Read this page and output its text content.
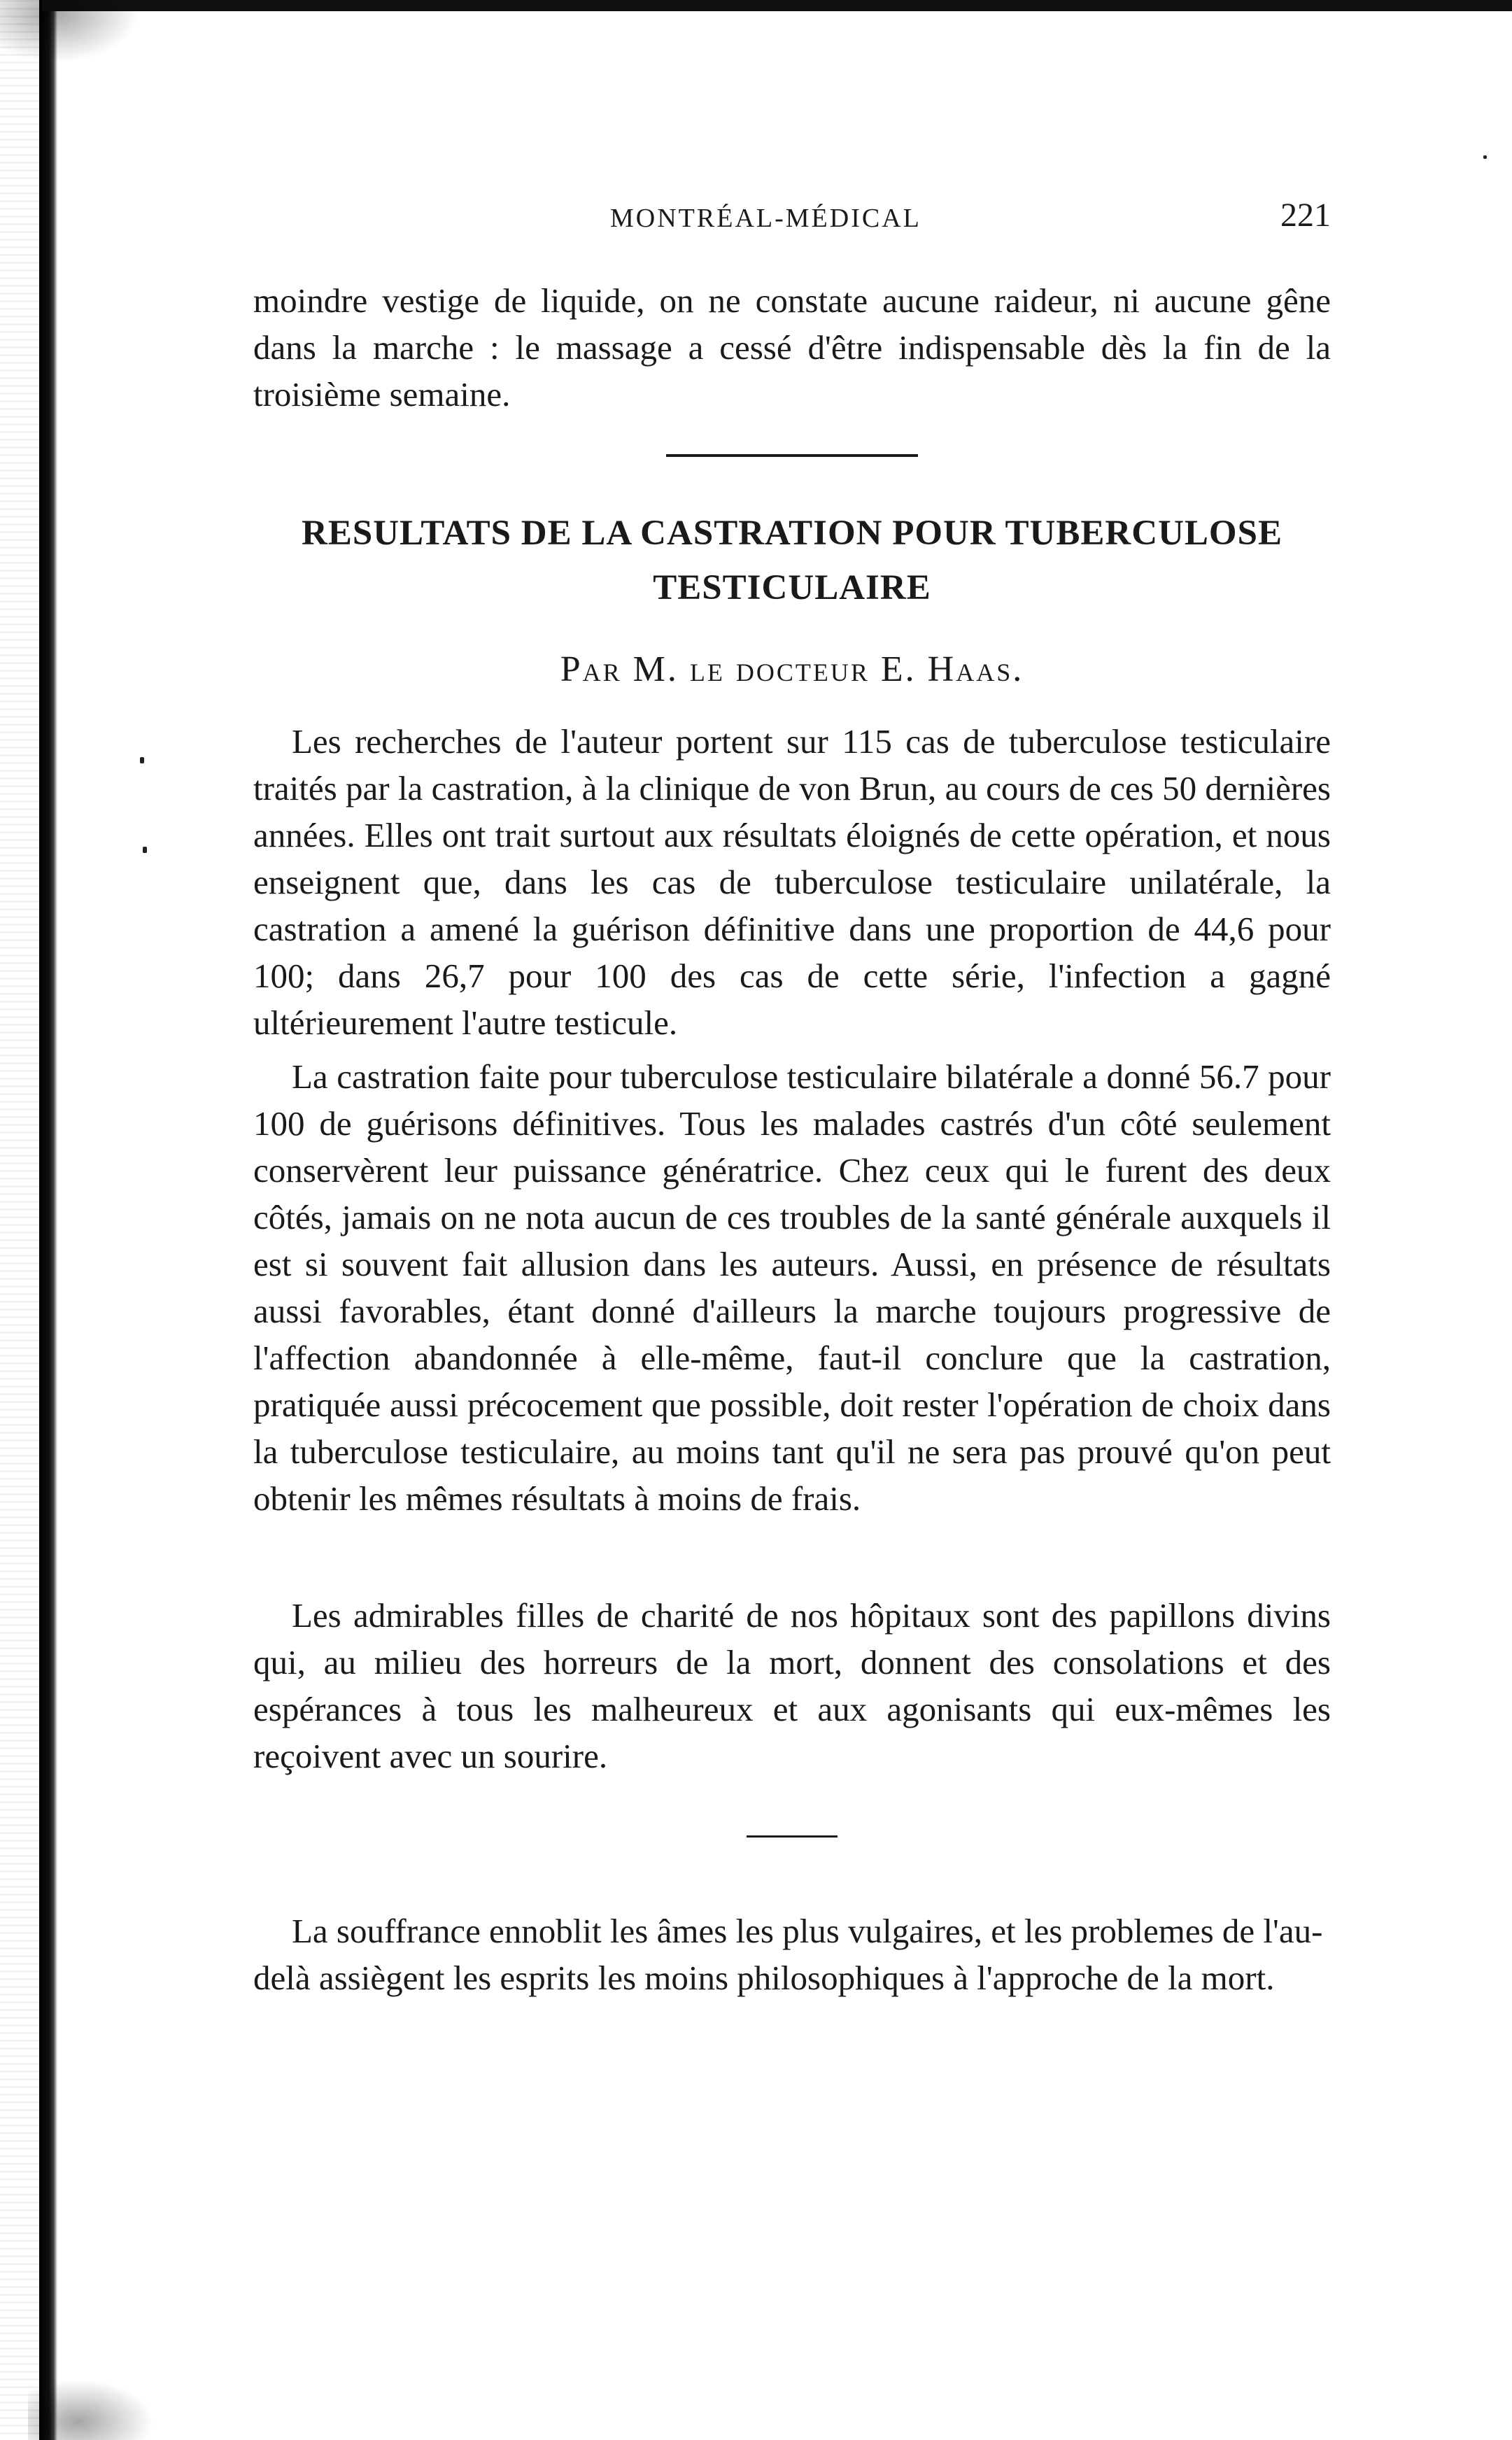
MONTRÉAL-MÉDICAL	221

moindre vestige de liquide, on ne constate aucune raideur, ni aucune gêne dans la marche : le massage a cessé d'être indispensable dès la fin de la troisième semaine.

RESULTATS DE LA CASTRATION POUR TUBERCULOSE
TESTICULAIRE
Par M. le docteur E. Haas.

Les recherches de l'auteur portent sur 115 cas de tuberculose testiculaire traités par la castration, à la clinique de von Brun, au cours de ces 50 dernières années. Elles ont trait surtout aux résultats éloignés de cette opération, et nous enseignent que, dans les cas de tuberculose testiculaire unilatérale, la castration a amené la guérison définitive dans une proportion de 44,6 pour 100; dans 26,7 pour 100 des cas de cette série, l'infection a gagné ultérieurement l'autre testicule.

La castration faite pour tuberculose testiculaire bilatérale a donné 56.7 pour 100 de guérisons définitives. Tous les malades castrés d'un côté seulement conservèrent leur puissance génératrice. Chez ceux qui le furent des deux côtés, jamais on ne nota aucun de ces troubles de la santé générale auxquels il est si souvent fait allusion dans les auteurs. Aussi, en présence de résultats aussi favorables, étant donné d'ailleurs la marche toujours progressive de l'affection abandonnée à elle-même, faut-il conclure que la castration, pratiquée aussi précocement que possible, doit rester l'opération de choix dans la tuberculose testiculaire, au moins tant qu'il ne sera pas prouvé qu'on peut obtenir les mêmes résultats à moins de frais.

Les admirables filles de charité de nos hôpitaux sont des papillons divins qui, au milieu des horreurs de la mort, donnent des consolations et des espérances à tous les malheureux et aux agonisants qui eux-mêmes les reçoivent avec un sourire.

La souffrance ennoblit les âmes les plus vulgaires, et les problemes de l'au-delà assiègent les esprits les moins philosophiques à l'approche de la mort.
